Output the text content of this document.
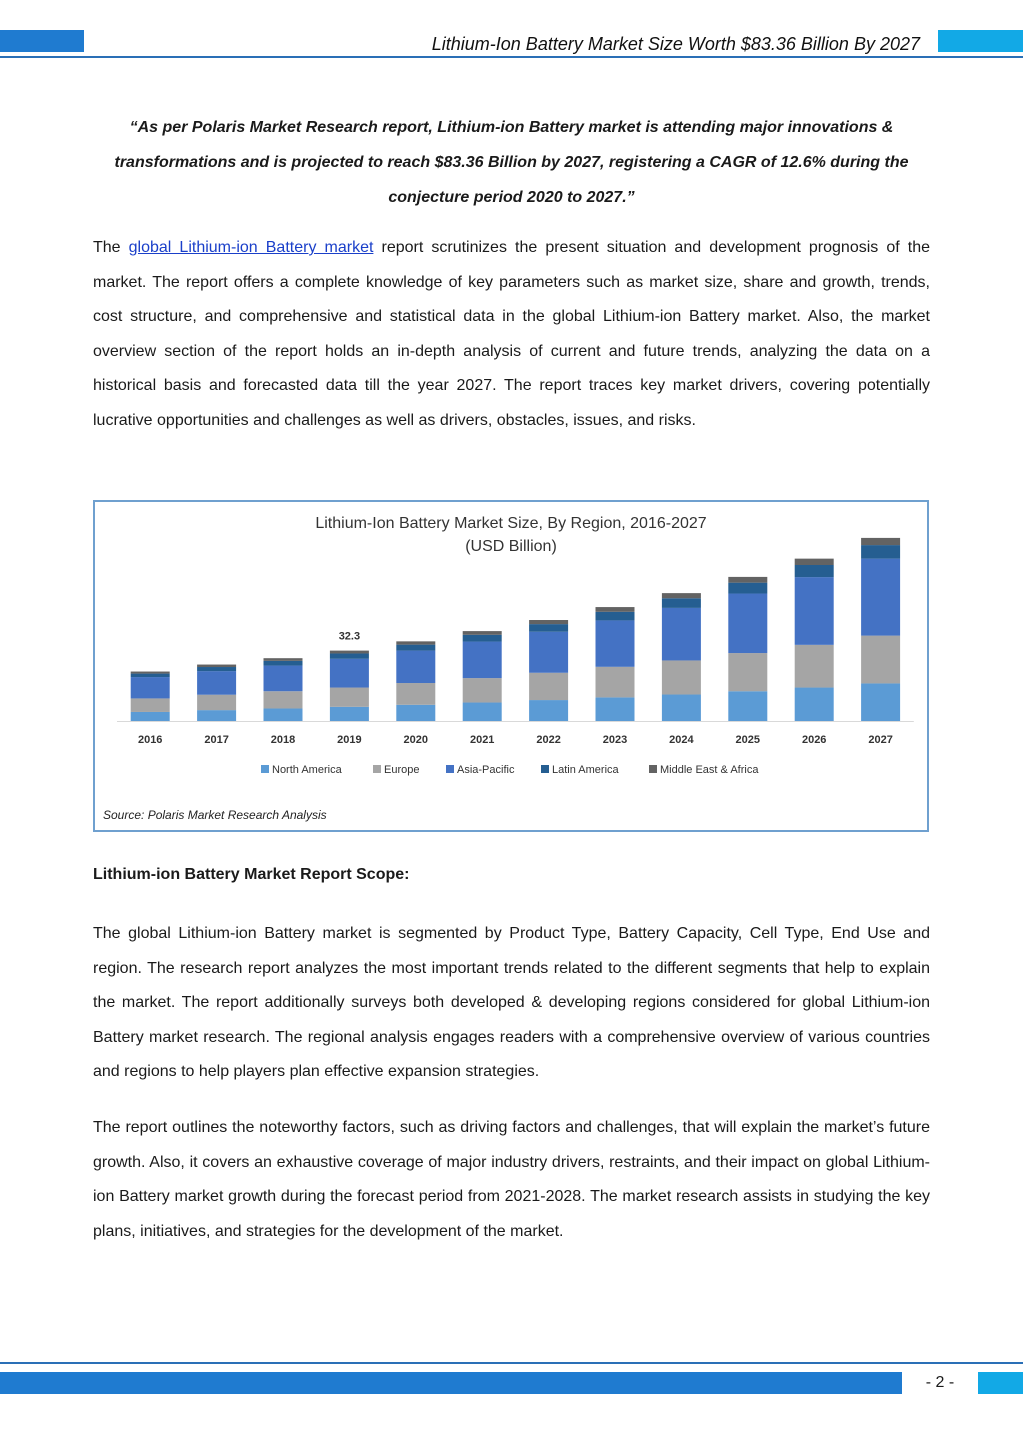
Lithium-Ion Battery Market Size Worth $83.36 Billion By 2027
“As per Polaris Market Research report, Lithium-ion Battery market is attending major innovations & transformations and is projected to reach $83.36 Billion by 2027, registering a CAGR of 12.6% during the conjecture period 2020 to 2027.”
The global Lithium-ion Battery market report scrutinizes the present situation and development prognosis of the market. The report offers a complete knowledge of key parameters such as market size, share and growth, trends, cost structure, and comprehensive and statistical data in the global Lithium-ion Battery market. Also, the market overview section of the report holds an in-depth analysis of current and future trends, analyzing the data on a historical basis and forecasted data till the year 2027. The report traces key market drivers, covering potentially lucrative opportunities and challenges as well as drivers, obstacles, issues, and risks.
2016	2017	2018	2019
32.3
2020	2021	2022	2023	2024	2025	2026	2027
North America	Europe	Asia-Pacific	Latin America	Middle East & Africa
Lithium-Ion Battery Market Size, By Region, 2016-2027
(USD Billion)
Source: Polaris Market Research Analysis
Lithium-ion Battery Market Report Scope:
The global Lithium-ion Battery market is segmented by Product Type, Battery Capacity, Cell Type, End Use and region. The research report analyzes the most important trends related to the different segments that help to explain the market. The report additionally surveys both developed & developing regions considered for global Lithium-ion Battery market research. The regional analysis engages readers with a comprehensive overview of various countries and regions to help players plan effective expansion strategies.
The report outlines the noteworthy factors, such as driving factors and challenges, that will explain the market’s future growth. Also, it covers an exhaustive coverage of major industry drivers, restraints, and their impact on global Lithium-ion Battery market growth during the forecast period from 2021-2028. The market research assists in studying the key plans, initiatives, and strategies for the development of the market.
- 2 -
